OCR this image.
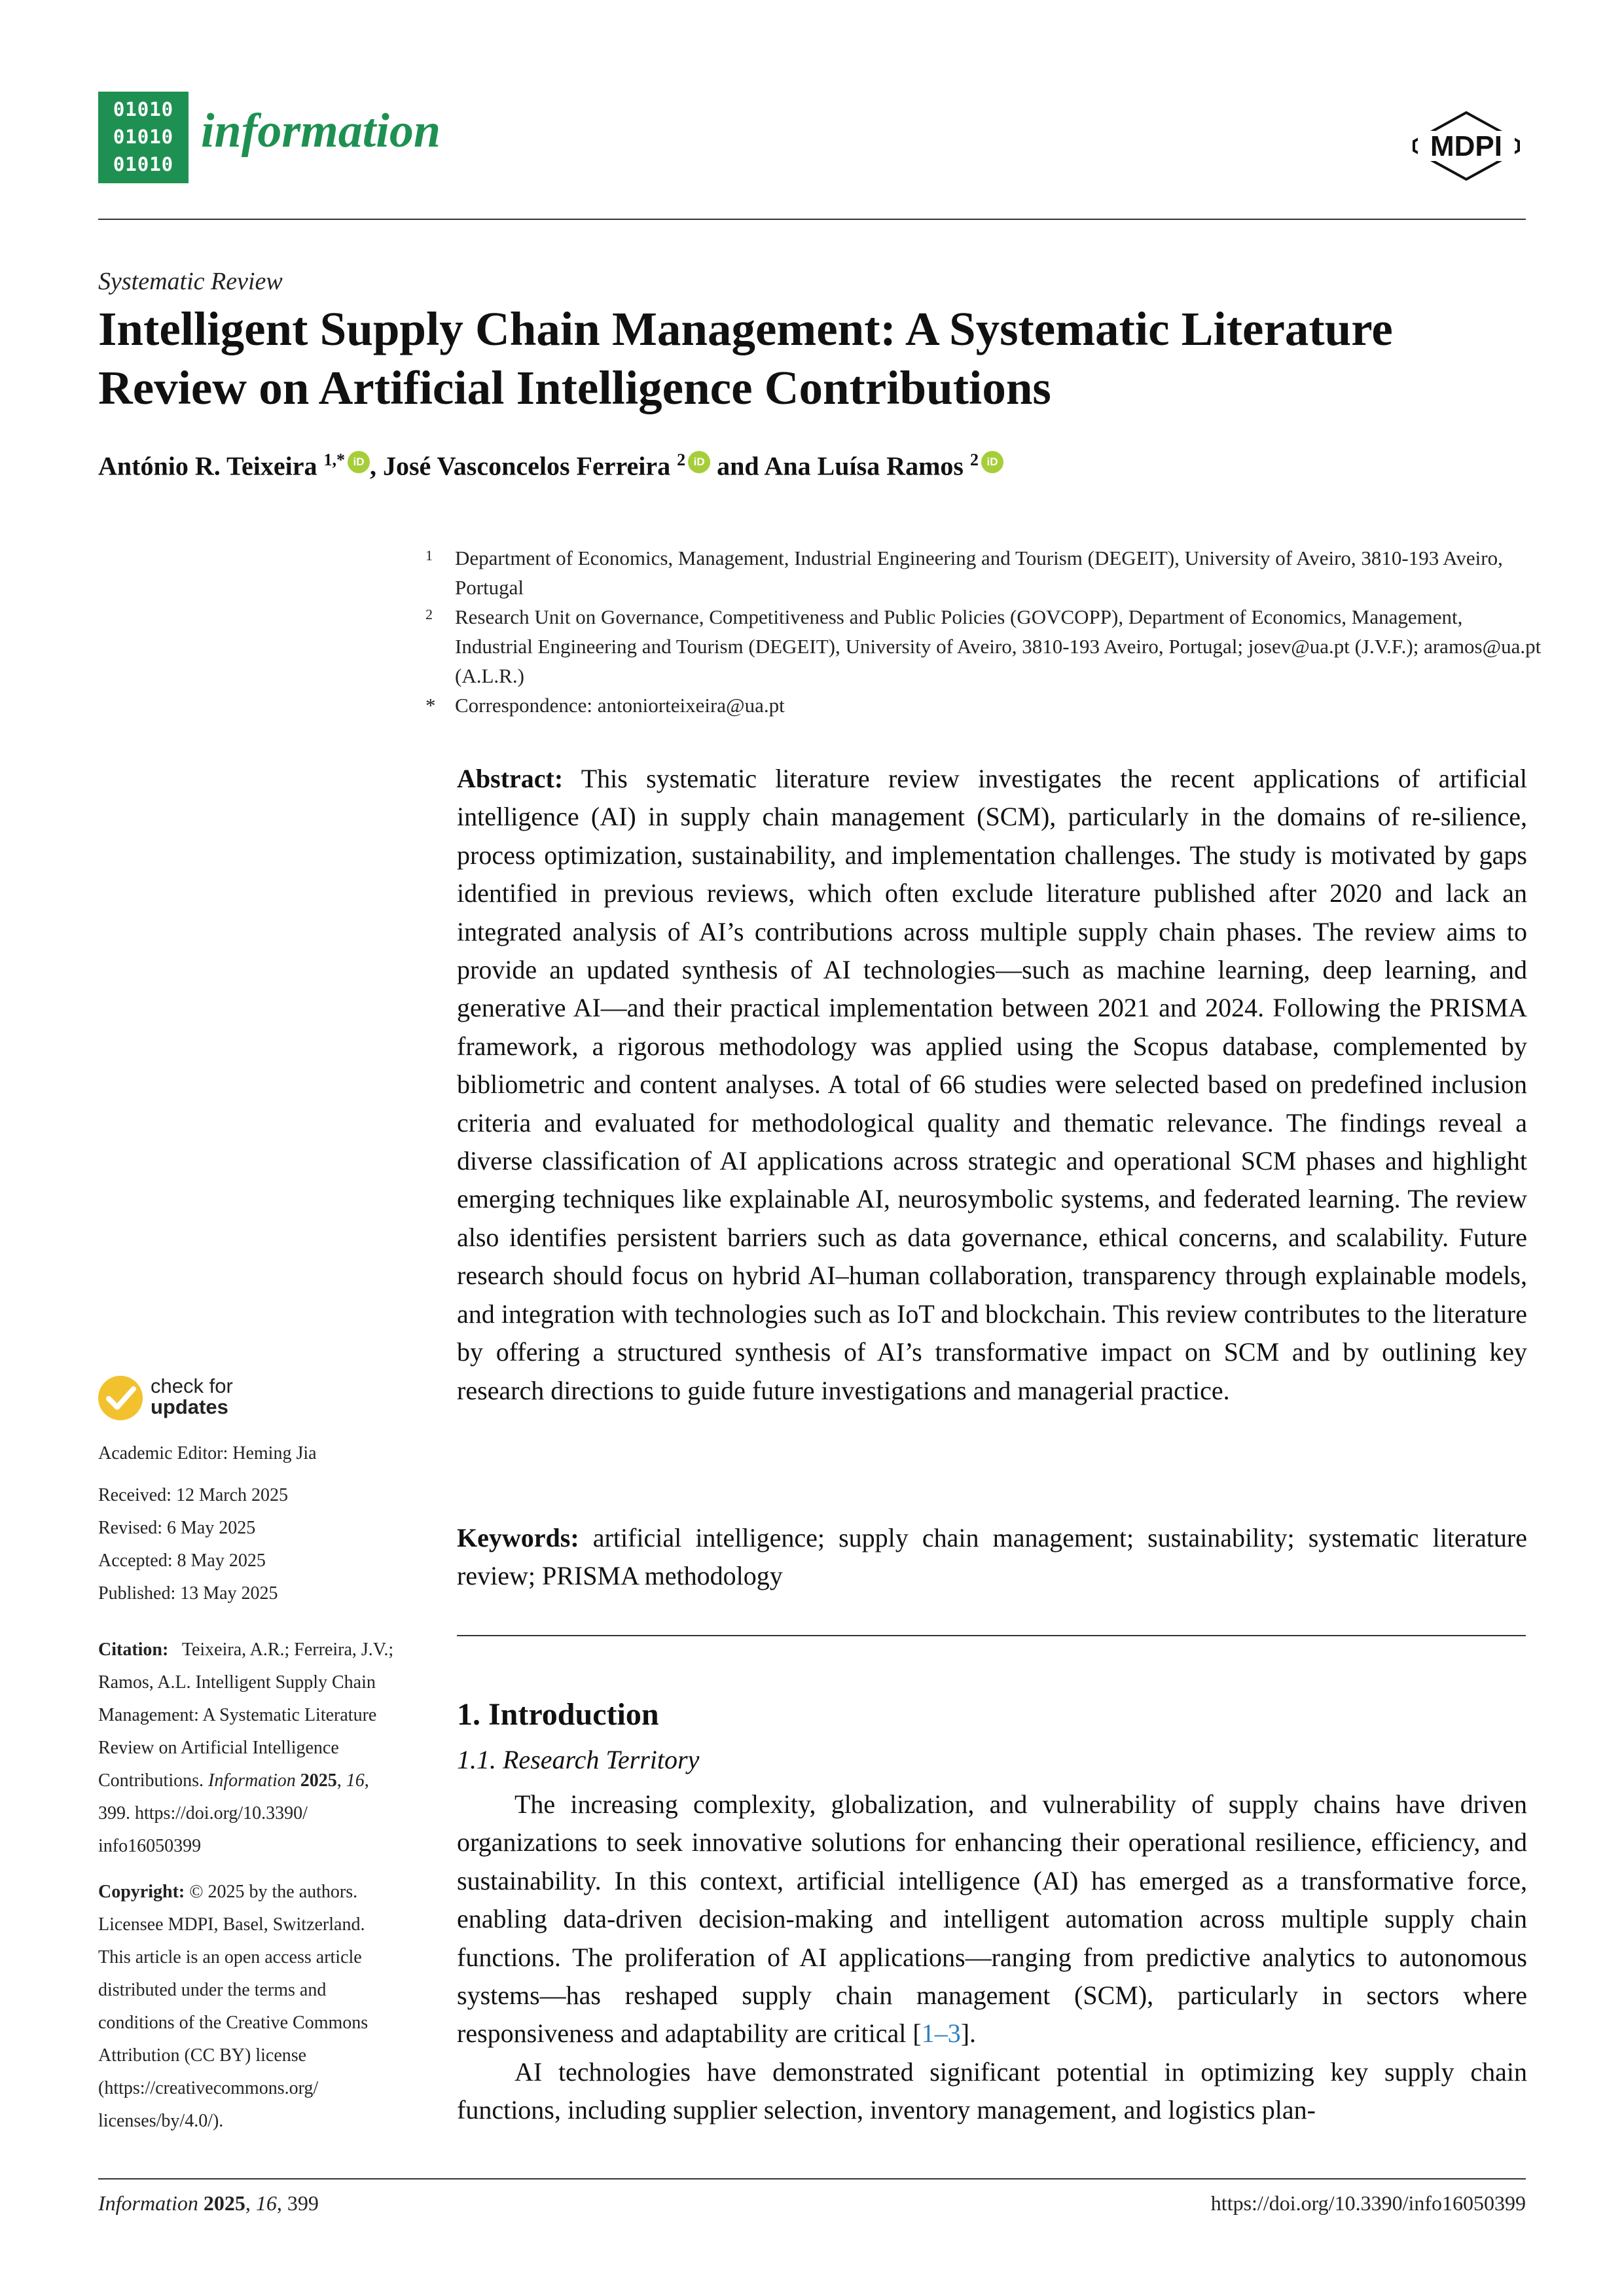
01010
01010
01010
information	MDPI
Systematic Review
Intelligent Supply Chain Management: A Systematic Literature
Review on Artificial Intelligence Contributions
António R. Teixeira $^{1,*}$ iD , José Vasconcelos Ferreira $^2$ iD and Ana Luísa Ramos $^2$ iD
1 Department of Economics, Management, Industrial Engineering and Tourism (DEGEIT), University of Aveiro, 3810-193 Aveiro, Portugal
2 Research Unit on Governance, Competitiveness and Public Policies (GOVCOPP), Department of Economics, Management, Industrial Engineering and Tourism (DEGEIT), University of Aveiro, 3810-193 Aveiro, Portugal; josev@ua.pt (J.V.F.); aramos@ua.pt (A.L.R.)
* Correspondence: antoniorteixeira@ua.pt
Abstract: This systematic literature review investigates the recent applications of artificial intelligence (AI) in supply chain management (SCM), particularly in the domains of re-silience, process optimization, sustainability, and implementation challenges. The study is motivated by gaps identified in previous reviews, which often exclude literature published after 2020 and lack an integrated analysis of AI’s contributions across multiple supply chain phases. The review aims to provide an updated synthesis of AI technologies—such as machine learning, deep learning, and generative AI—and their practical implementation between 2021 and 2024. Following the PRISMA framework, a rigorous methodology was applied using the Scopus database, complemented by bibliometric and content analyses. A total of 66 studies were selected based on predefined inclusion criteria and evaluated for methodological quality and thematic relevance. The findings reveal a diverse classification of AI applications across strategic and operational SCM phases and highlight emerging techniques like explainable AI, neurosymbolic systems, and federated learning. The review also identifies persistent barriers such as data governance, ethical concerns, and scalability. Future research should focus on hybrid AI–human collaboration, transparency through explainable models, and integration with technologies such as IoT and blockchain. This review contributes to the literature by offering a structured synthesis of AI’s transformative impact on SCM and by outlining key research directions to guide future investigations and managerial practice.
Keywords: artificial intelligence; supply chain management; sustainability; systematic literature review; PRISMA methodology
1. Introduction
1.1. Research Territory
The increasing complexity, globalization, and vulnerability of supply chains have driven organizations to seek innovative solutions for enhancing their operational resilience, efficiency, and sustainability. In this context, artificial intelligence (AI) has emerged as a transformative force, enabling data-driven decision-making and intelligent automation across multiple supply chain functions. The proliferation of AI applications—ranging from predictive analytics to autonomous systems—has reshaped supply chain management (SCM), particularly in sectors where responsiveness and adaptability are critical [1–3].
AI technologies have demonstrated significant potential in optimizing key supply chain functions, including supplier selection, inventory management, and logistics plan-
check for
updates
Academic Editor: Heming Jia
Received: 12 March 2025
Revised: 6 May 2025
Accepted: 8 May 2025
Published: 13 May 2025
Citation: Teixeira, A.R.; Ferreira, J.V.;
Ramos, A.L. Intelligent Supply Chain
Management: A Systematic Literature
Review on Artificial Intelligence
Contributions. Information 2025, 16,
399. https://doi.org/10.3390/
info16050399
Copyright: © 2025 by the authors.
Licensee MDPI, Basel, Switzerland.
This article is an open access article
distributed under the terms and
conditions of the Creative Commons
Attribution (CC BY) license
(https://creativecommons.org/
licenses/by/4.0/).
Information 2025, 16, 399	https://doi.org/10.3390/info16050399
